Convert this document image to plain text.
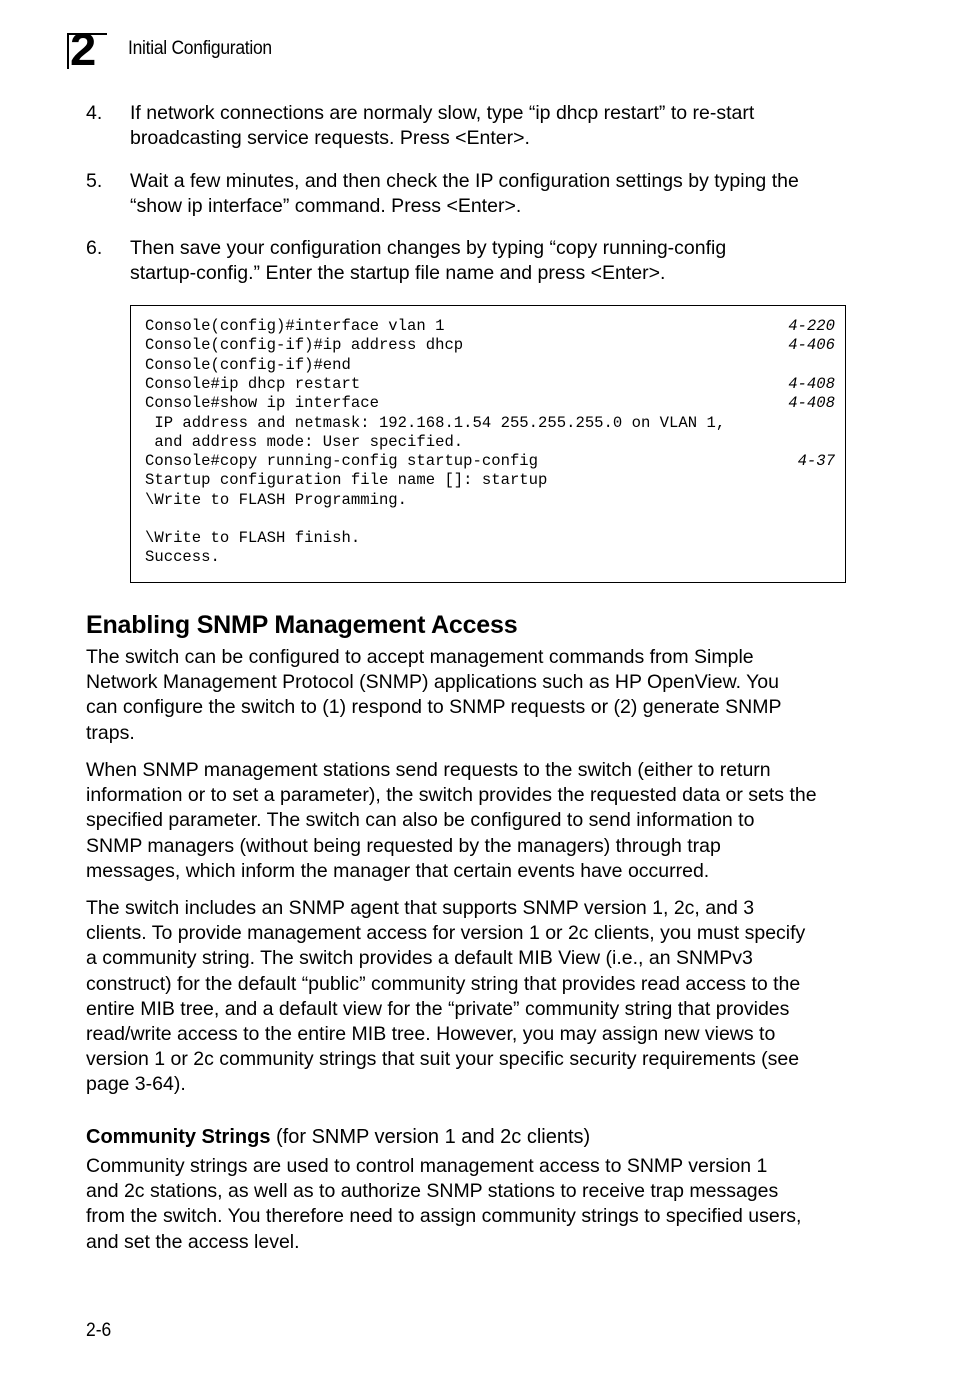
2 Initial Configuration
4. If network connections are normaly slow, type “ip dhcp restart” to re-start
broadcasting service requests. Press <Enter>.
5. Wait a few minutes, and then check the IP configuration settings by typing the
“show ip interface” command. Press <Enter>.
6. Then save your configuration changes by typing “copy running-config
startup-config.” Enter the startup file name and press <Enter>.
Console(config)#interface vlan 1	4-220
Console(config-if)#ip address dhcp	4-406
Console(config-if)#end
Console#ip dhcp restart	4-408
Console#show ip interface	4-408
IP address and netmask: 192.168.1.54 255.255.255.0 on VLAN 1,
and address mode: User specified.
Console#copy running-config startup-config	4-37
Startup configuration file name []: startup
\Write to FLASH Programming.
\Write to FLASH finish.
Success.
Enabling SNMP Management Access
The switch can be configured to accept management commands from Simple
Network Management Protocol (SNMP) applications such as HP OpenView. You
can configure the switch to (1) respond to SNMP requests or (2) generate SNMP
traps.
When SNMP management stations send requests to the switch (either to return
information or to set a parameter), the switch provides the requested data or sets the
specified parameter. The switch can also be configured to send information to
SNMP managers (without being requested by the managers) through trap
messages, which inform the manager that certain events have occurred.
The switch includes an SNMP agent that supports SNMP version 1, 2c, and 3
clients. To provide management access for version 1 or 2c clients, you must specify
a community string. The switch provides a default MIB View (i.e., an SNMPv3
construct) for the default “public” community string that provides read access to the
entire MIB tree, and a default view for the “private” community string that provides
read/write access to the entire MIB tree. However, you may assign new views to
version 1 or 2c community strings that suit your specific security requirements (see
page 3-64).
Community Strings (for SNMP version 1 and 2c clients)
Community strings are used to control management access to SNMP version 1
and 2c stations, as well as to authorize SNMP stations to receive trap messages
from the switch. You therefore need to assign community strings to specified users,
and set the access level.
2-6
